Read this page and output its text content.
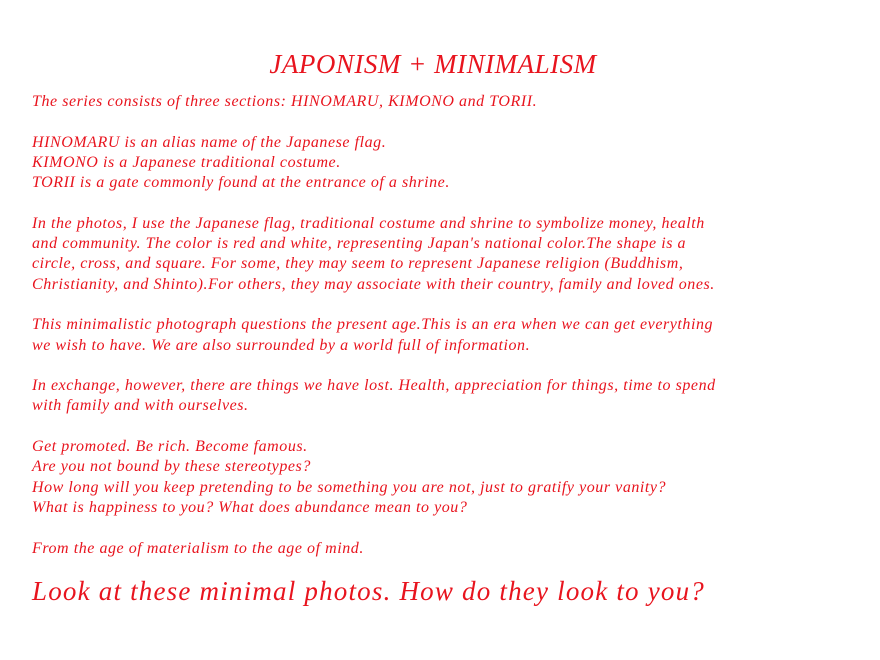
JAPONISM + MINIMALISM

The series consists of three sections: HINOMARU, KIMONO and TORII.

HINOMARU is an alias name of the Japanese flag.
KIMONO is a Japanese traditional costume.
TORII is a gate commonly found at the entrance of a shrine.

In the photos, I use the Japanese flag, traditional costume and shrine to symbolize money, health
and community. The color is red and white, representing Japan's national color.The shape is a
circle, cross, and square. For some, they may seem to represent Japanese religion (Buddhism,
Christianity, and Shinto).For others, they may associate with their country, family and loved ones.

This minimalistic photograph questions the present age.This is an era when we can get everything
we wish to have. We are also surrounded by a world full of information.

In exchange, however, there are things we have lost. Health, appreciation for things, time to spend
with family and with ourselves.

Get promoted. Be rich. Become famous.
Are you not bound by these stereotypes?
How long will you keep pretending to be something you are not, just to gratify your vanity?
What is happiness to you? What does abundance mean to you?

From the age of materialism to the age of mind.

Look at these minimal photos. How do they look to you?
